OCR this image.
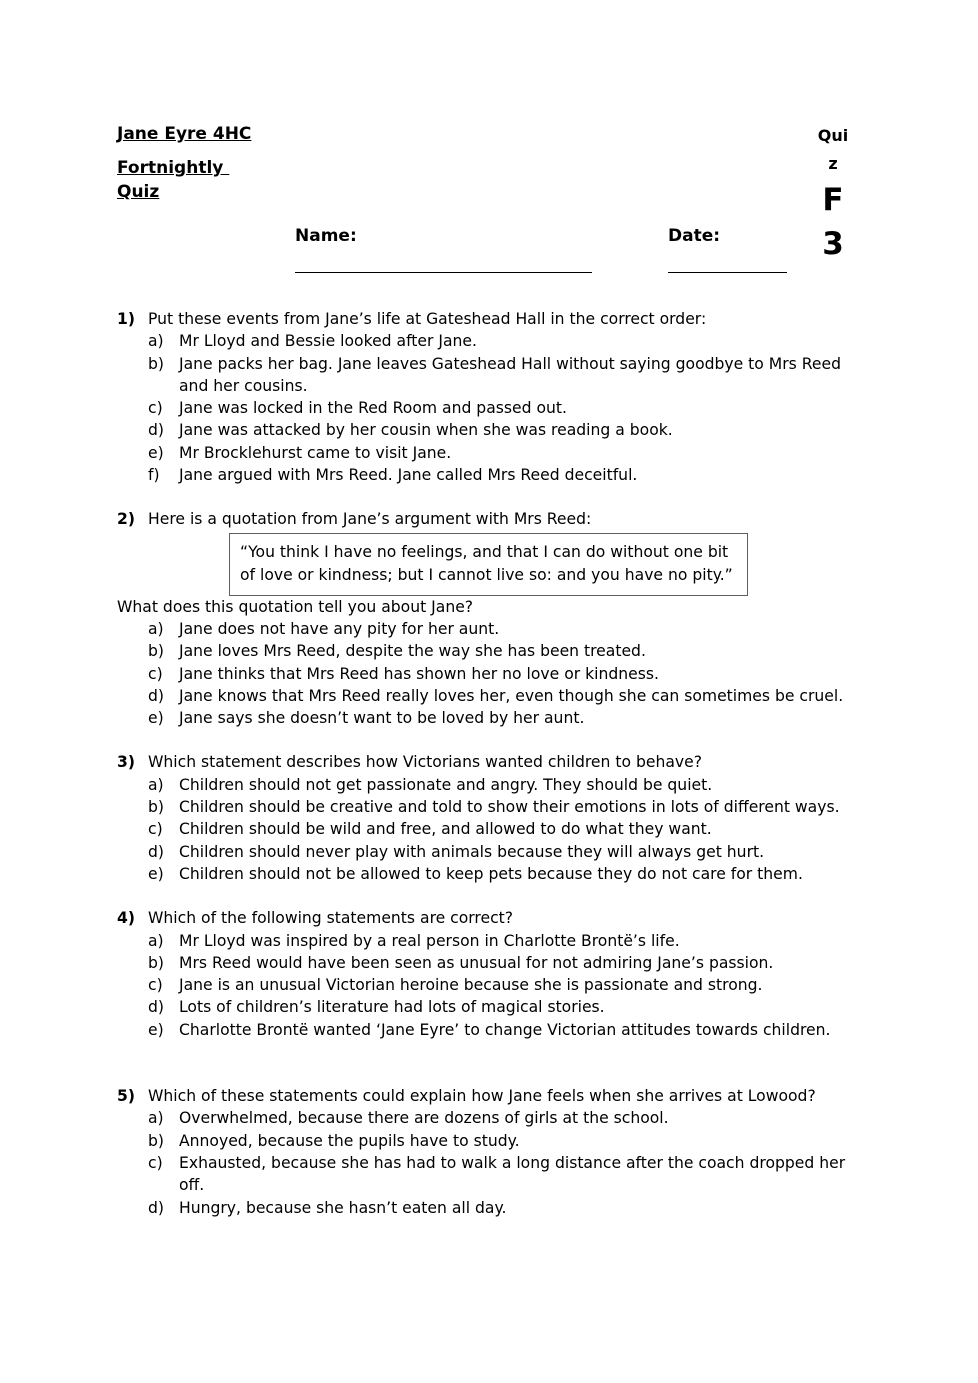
Jane Eyre 4HC
Fortnightly
Quiz
Qui
z
F
3
Name:	Date:
1) Put these events from Jane’s life at Gateshead Hall in the correct order:
a) Mr Lloyd and Bessie looked after Jane.
b) Jane packs her bag. Jane leaves Gateshead Hall without saying goodbye to Mrs Reed and her cousins.
c)	Jane was locked in the Red Room and passed out.
d) Jane was attacked by her cousin when she was reading a book.
e) Mr Brocklehurst came to visit Jane.
f)	Jane argued with Mrs Reed. Jane called Mrs Reed deceitful.
2) Here is a quotation from Jane’s argument with Mrs Reed:
“You think I have no feelings, and that I can do without one bit of love or kindness; but I cannot live so: and you have no pity.”
What does this quotation tell you about Jane?
a) Jane does not have any pity for her aunt.
b) Jane loves Mrs Reed, despite the way she has been treated.
c)	Jane thinks that Mrs Reed has shown her no love or kindness.
d) Jane knows that Mrs Reed really loves her, even though she can sometimes be cruel.
e) Jane says she doesn’t want to be loved by her aunt.
3) Which statement describes how Victorians wanted children to behave?
a) Children should not get passionate and angry. They should be quiet.
b) Children should be creative and told to show their emotions in lots of different ways.
c)	Children should be wild and free, and allowed to do what they want.
d) Children should never play with animals because they will always get hurt.
e) Children should not be allowed to keep pets because they do not care for them.
4) Which of the following statements are correct?
a) Mr Lloyd was inspired by a real person in Charlotte Brontë’s life.
b) Mrs Reed would have been seen as unusual for not admiring Jane’s passion.
c)	Jane is an unusual Victorian heroine because she is passionate and strong.
d) Lots of children’s literature had lots of magical stories.
e) Charlotte Brontë wanted ‘Jane Eyre’ to change Victorian attitudes towards children.
5) Which of these statements could explain how Jane feels when she arrives at Lowood?
a) Overwhelmed, because there are dozens of girls at the school.
b) Annoyed, because the pupils have to study.
c)	Exhausted, because she has had to walk a long distance after the coach dropped her off.
d) Hungry, because she hasn’t eaten all day.
